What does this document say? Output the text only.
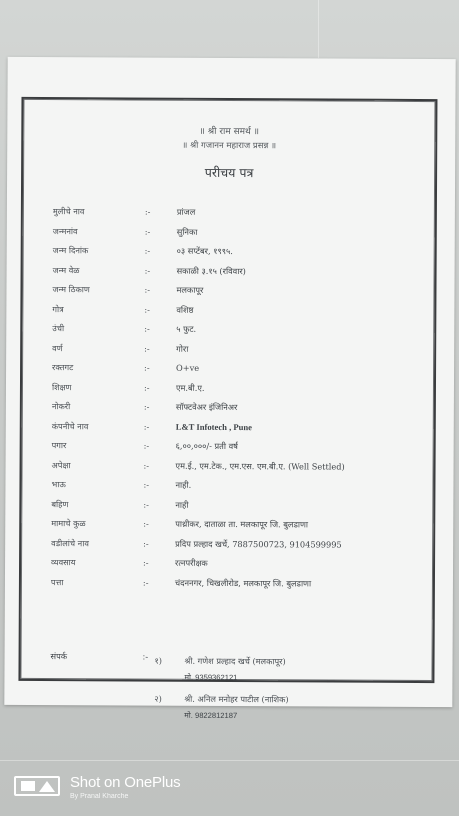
॥ श्री राम समर्थ ॥
॥ श्री गजानन महाराज प्रसन्न ॥
परीचय पत्र
मुलीचे नाव	:-	प्रांजल
जन्मनांव	:-	सुनिका
जन्म दिनांक	:-	०३ सप्टेंबर, १९९५.
जन्म वेळ	:-	सकाळी ३.१५ (रविवार)
जन्म ठिकाण	:-	मलकापूर
गोत्र	:-	वशिष्ठ
उंची	:-	५ फुट.
वर्ण	:-	गोरा
रक्तगट	:-	O+ve
शिक्षण	:-	एम.बी.ए.
नोकरी	:-	सॉफ्टवेअर इंजिनिअर
कंपनीचे नाव	:-	L&T Infotech , Pune
पगार	:-	६,००,०००/- प्रती वर्ष
अपेक्षा	:-	एम.ई., एम.टेक., एम.एस. एम.बी.ए. (Well Settled)
भाऊ	:-	नाही.
बहिण	:-	नाही
मामाचे कुळ	:-	पाथ्रीकर, दाताळा ता. मलकापूर जि. बुलडाणा
वडीलांचे नाव	:-	प्रदिप प्रल्हाद खर्चे, 7887500723, 9104599995
व्यवसाय	:-	रत्नपरीक्षक
पत्ता	:-	चंदननगर, चिखलीरोड, मलकापूर जि. बुलडाणा
संपर्क	:- १)	श्री. गणेश प्रल्हाद खर्चे (मलकापूर)
मो. 9359362121
२)	श्री. अनिल मनोहर पाटील (नाशिक)
मो. 9822812187
Shot on OnePlus
By Pranal Kharche
